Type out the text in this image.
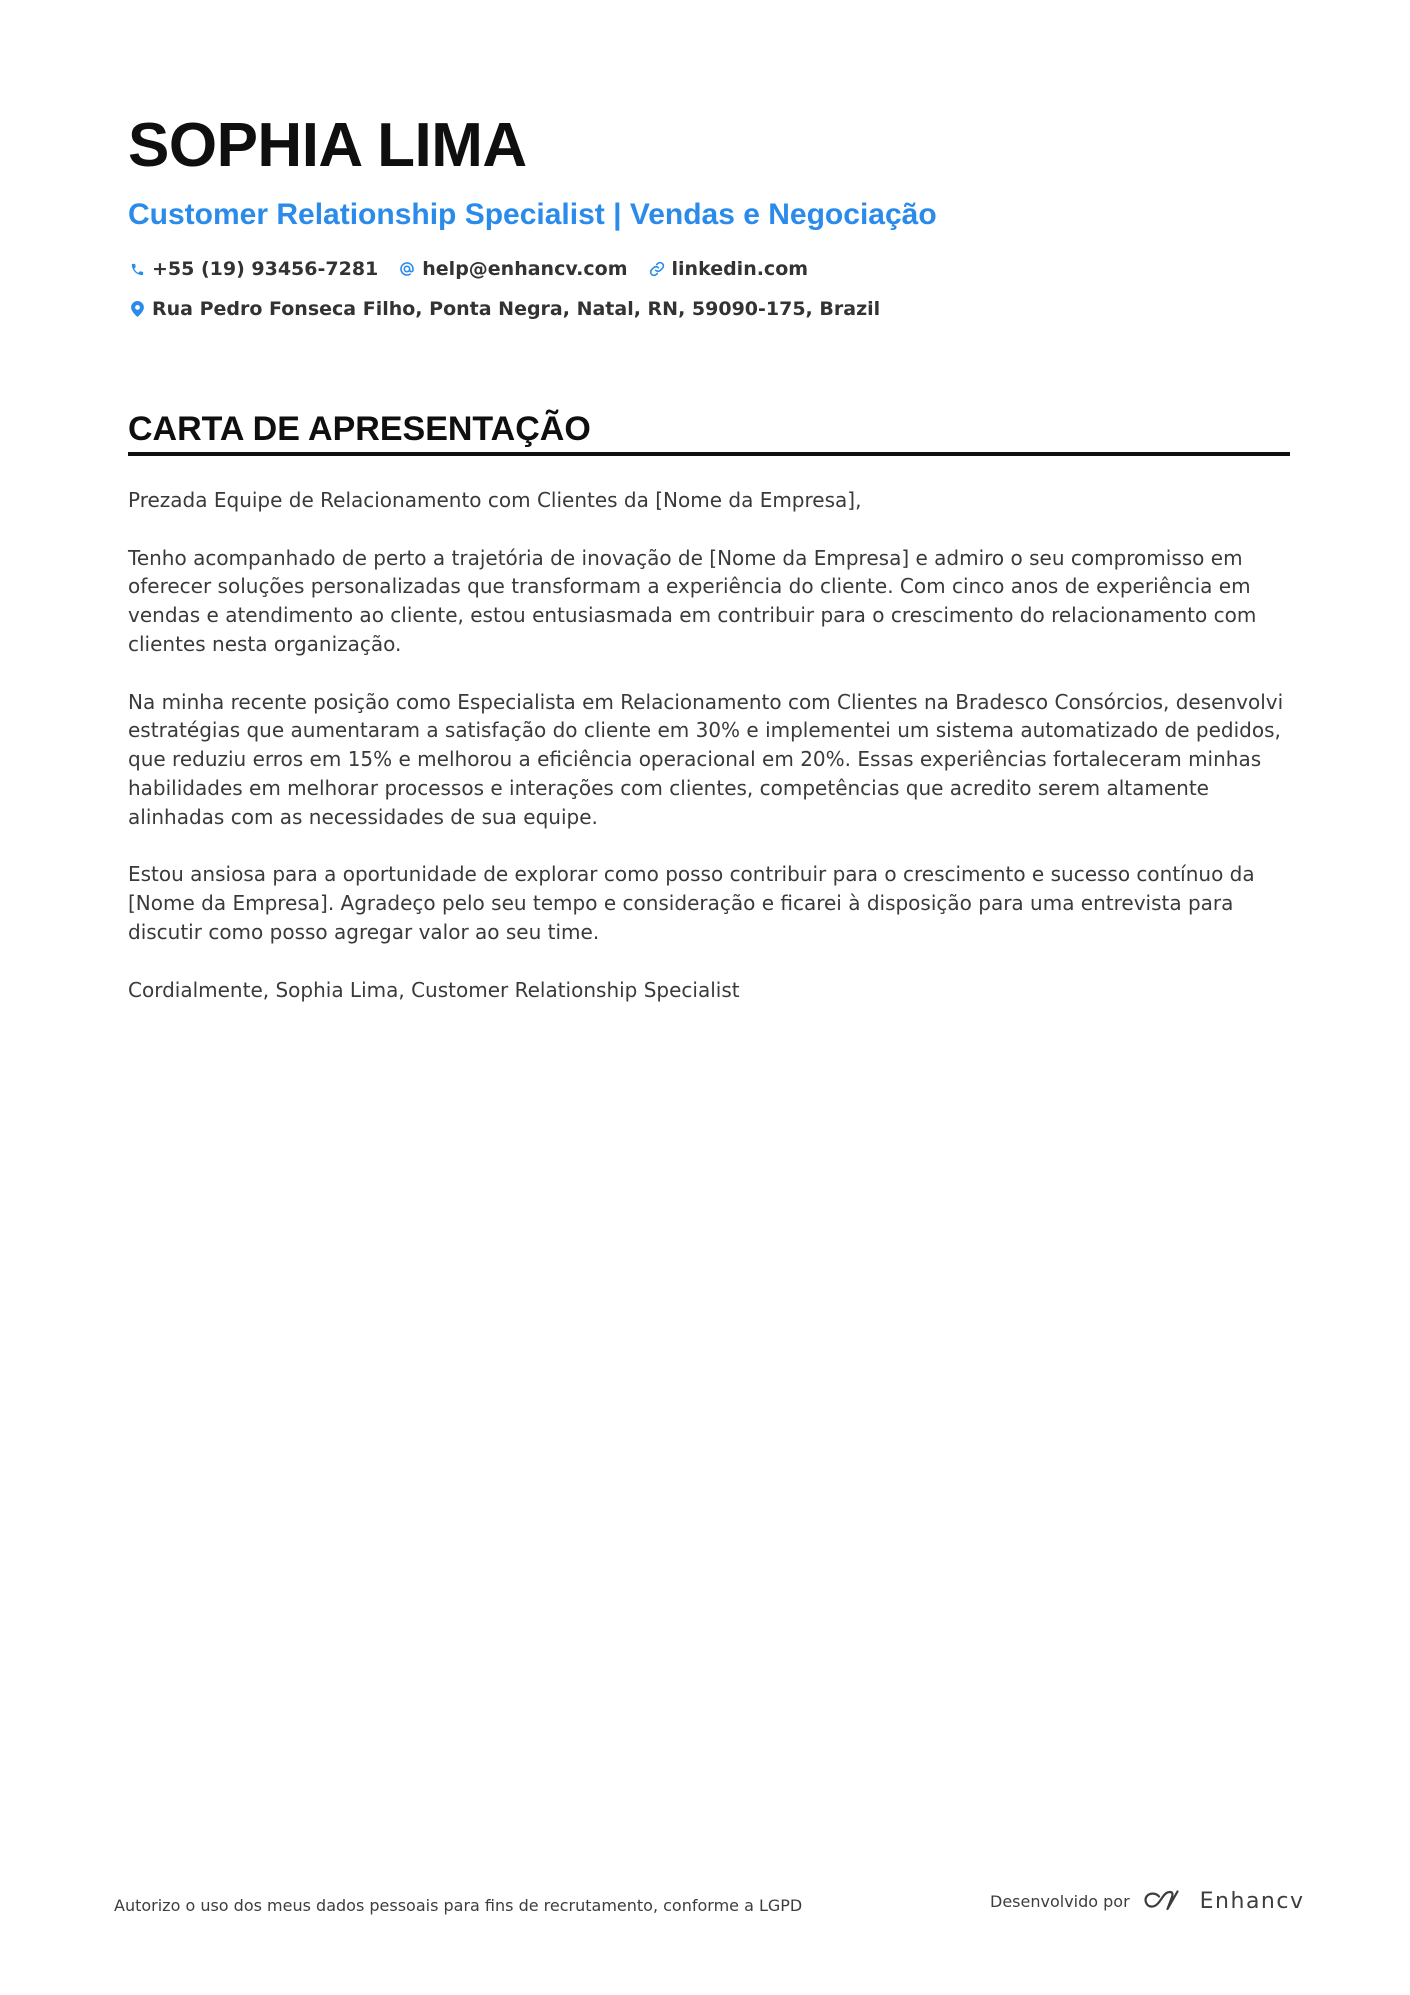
SOPHIA LIMA
Customer Relationship Specialist | Vendas e Negociação
+55 (19) 93456-7281 help@enhancv.com linkedin.com
Rua Pedro Fonseca Filho, Ponta Negra, Natal, RN, 59090-175, Brazil
CARTA DE APRESENTAÇÃO

Prezada Equipe de Relacionamento com Clientes da [Nome da Empresa],

Tenho acompanhado de perto a trajetória de inovação de [Nome da Empresa] e admiro o seu compromisso em oferecer soluções personalizadas que transformam a experiência do cliente. Com cinco anos de experiência em vendas e atendimento ao cliente, estou entusiasmada em contribuir para o crescimento do relacionamento com clientes nesta organização.

Na minha recente posição como Especialista em Relacionamento com Clientes na Bradesco Consórcios, desenvolvi estratégias que aumentaram a satisfação do cliente em 30% e implementei um sistema automatizado de pedidos, que reduziu erros em 15% e melhorou a eficiência operacional em 20%. Essas experiências fortaleceram minhas habilidades em melhorar processos e interações com clientes, competências que acredito serem altamente alinhadas com as necessidades de sua equipe.

Estou ansiosa para a oportunidade de explorar como posso contribuir para o crescimento e sucesso contínuo da [Nome da Empresa]. Agradeço pelo seu tempo e consideração e ficarei à disposição para uma entrevista para discutir como posso agregar valor ao seu time.

Cordialmente, Sophia Lima, Customer Relationship Specialist

Autorizo o uso dos meus dados pessoais para fins de recrutamento, conforme a LGPD	Desenvolvido por	Enhancv
